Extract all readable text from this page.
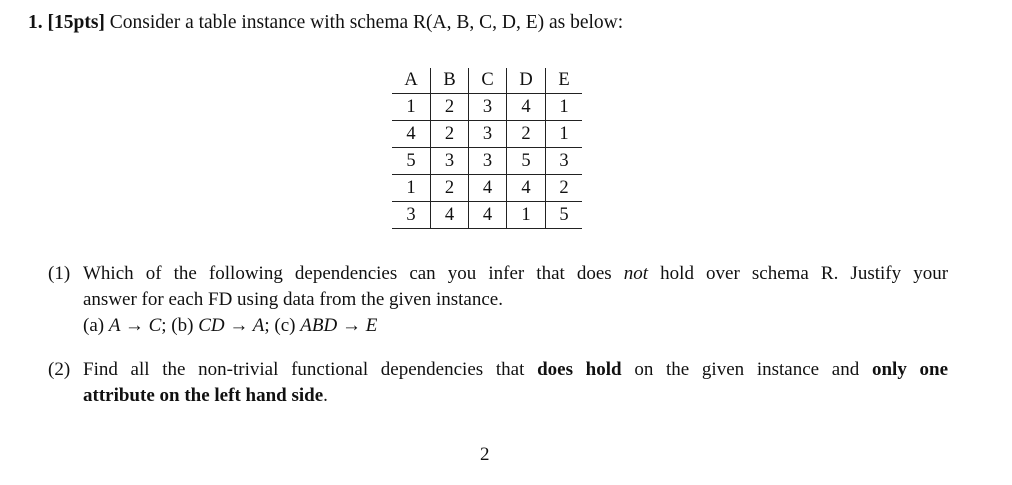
1. [15pts] Consider a table instance with schema R(A, B, C, D, E) as below:
A	B	C	D	E
1	2	3	4	1
4	2	3	2	1
5	3	3	5	3
1	2	4	4	2
3	4	4	1	5
(1) Which of the following dependencies can you infer that does not hold over schema R. Justify your
answer for each FD using data from the given instance.
(a) A → C; (b) CD → A; (c) ABD → E
(2) Find all the non-trivial functional dependencies that does hold on the given instance and only one
attribute on the left hand side.
2
